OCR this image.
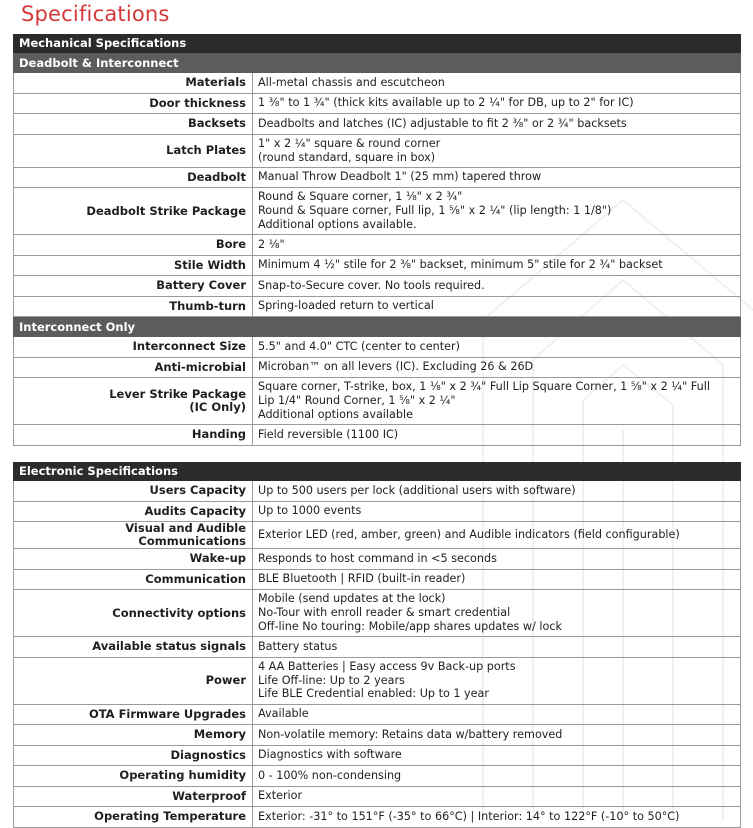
Specifications
Mechanical Specifications
Deadbolt & Interconnect
Materials All-metal chassis and escutcheon
Door thickness 1 ⅜" to 1 ¾" (thick kits available up to 2 ¼" for DB, up to 2" for IC)
Backsets Deadbolts and latches (IC) adjustable to fit 2 ⅜" or 2 ¾" backsets
Latch Plates 1" x 2 ¼" square & round corner
(round standard, square in box)
Deadbolt Manual Throw Deadbolt 1" (25 mm) tapered throw
Deadbolt Strike Package
Round & Square corner, 1 ⅛" x 2 ¾"
Round & Square corner, Full lip, 1 ⅝" x 2 ¼" (lip length: 1 1/8")
Additional options available.
Bore 2 ⅛"
Stile Width Minimum 4 ½" stile for 2 ⅜" backset, minimum 5" stile for 2 ¾" backset
Battery Cover Snap-to-Secure cover. No tools required.
Thumb-turn Spring-loaded return to vertical
Interconnect Only
Interconnect Size 5.5" and 4.0" CTC (center to center)
Anti-microbial Microban™ on all levers (IC). Excluding 26 & 26D
Lever Strike Package
(IC Only)
Square corner, T-strike, box, 1 ⅛" x 2 ¾" Full Lip Square Corner, 1 ⅝" x 2 ¼" Full
Lip 1/4" Round Corner, 1 ⅝" x 2 ¼"
Additional options available
Handing Field reversible (1100 IC)
Electronic Specifications
Users Capacity Up to 500 users per lock (additional users with software)
Audits Capacity Up to 1000 events
Visual and Audible Communications Exterior LED (red, amber, green) and Audible indicators (field configurable)
Wake-up Responds to host command in <5 seconds
Communication BLE Bluetooth | RFID (built-in reader)
Connectivity options
Mobile (send updates at the lock)
No-Tour with enroll reader & smart credential
Off-line No touring: Mobile/app shares updates w/ lock
Available status signals Battery status
Power
4 AA Batteries | Easy access 9v Back-up ports
Life Off-line: Up to 2 years
Life BLE Credential enabled: Up to 1 year
OTA Firmware Upgrades Available
Memory Non-volatile memory: Retains data w/battery removed
Diagnostics Diagnostics with software
Operating humidity 0 - 100% non-condensing
Waterproof Exterior
Operating Temperature Exterior: -31° to 151°F (-35° to 66°C) | Interior: 14° to 122°F (-10° to 50°C)
